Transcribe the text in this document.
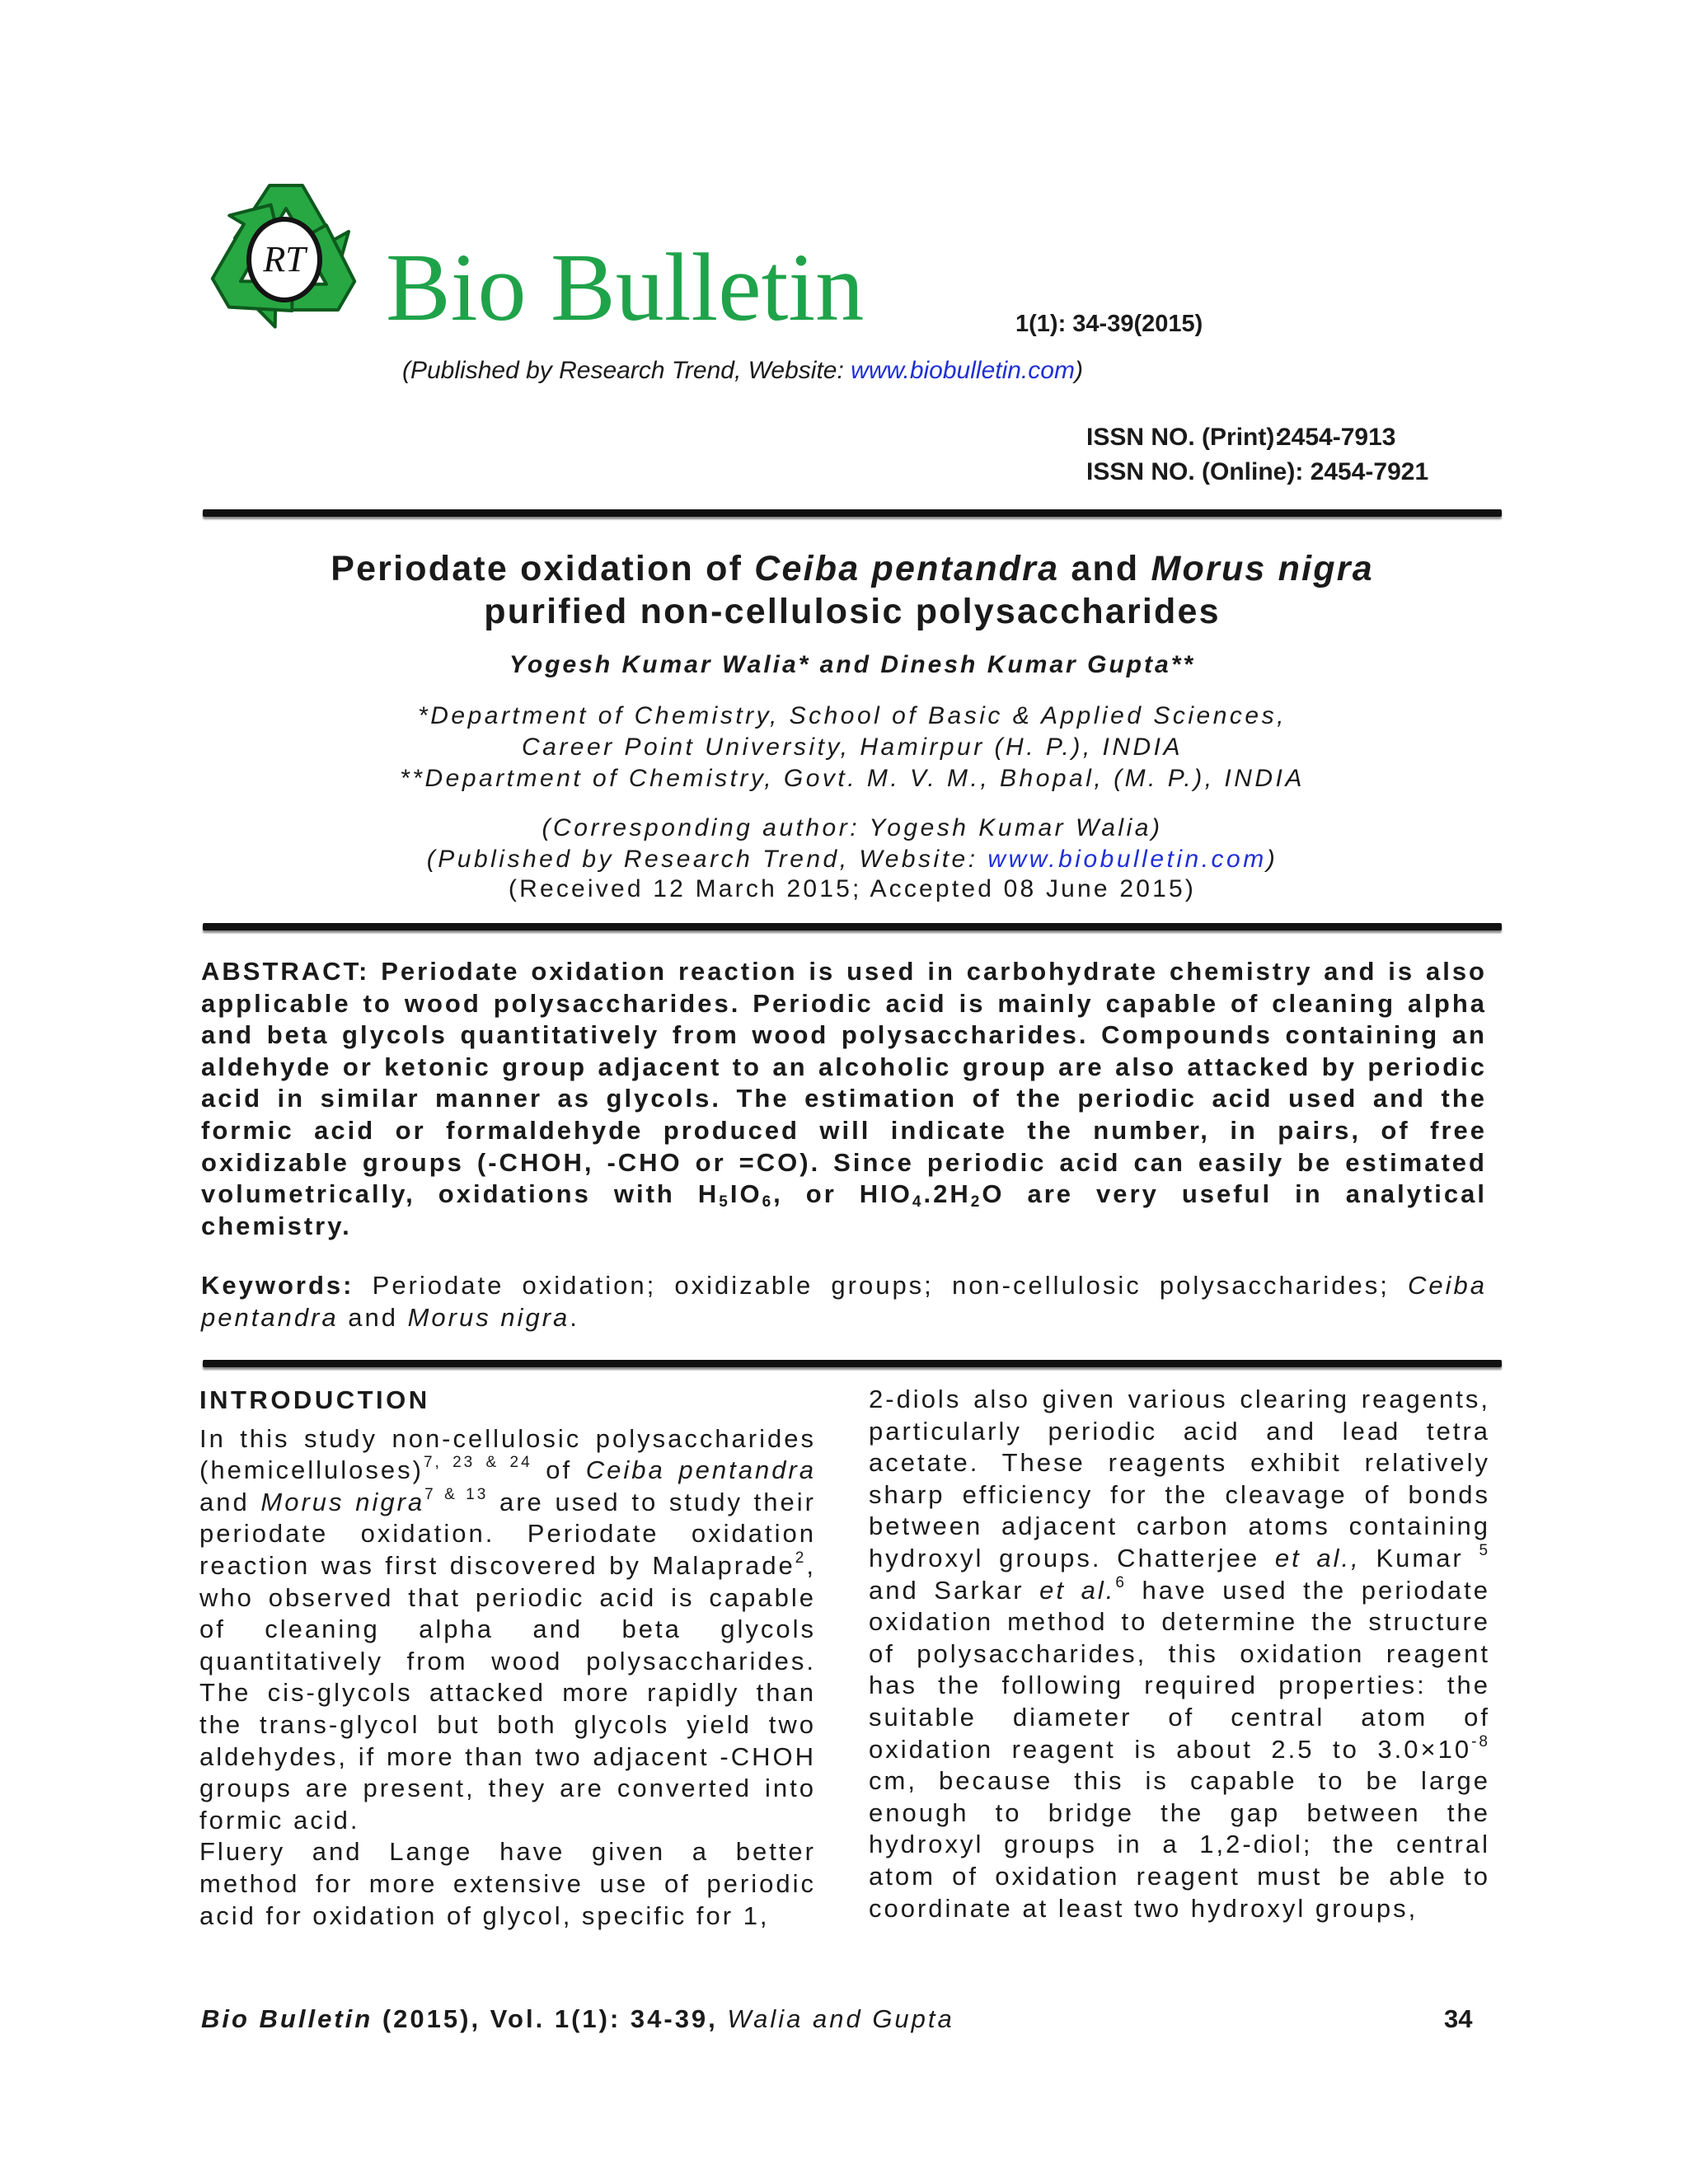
RT Bio Bulletin	1(1): 34-39(2015)
(Published by Research Trend, Website: www.biobulletin.com)
ISSN NO. (Print):2454-7913
ISSN NO. (Online): 2454-7921
Periodate oxidation of Ceiba pentandra and Morus nigra
purified non-cellulosic polysaccharides
Yogesh Kumar Walia* and Dinesh Kumar Gupta**
*Department of Chemistry, School of Basic & Applied Sciences,
Career Point University, Hamirpur (H. P.), INDIA
**Department of Chemistry, Govt. M. V. M., Bhopal, (M. P.), INDIA
(Corresponding author: Yogesh Kumar Walia)
(Published by Research Trend, Website: www.biobulletin.com)
(Received 12 March 2015; Accepted 08 June 2015)
ABSTRACT: Periodate oxidation reaction is used in carbohydrate chemistry and is also applicable to wood polysaccharides. Periodic acid is mainly capable of cleaning alpha and beta glycols quantitatively from wood polysaccharides. Compounds containing an aldehyde or ketonic group adjacent to an alcoholic group are also attacked by periodic acid in similar manner as glycols. The estimation of the periodic acid used and the formic acid or formaldehyde produced will indicate the number, in pairs, of free oxidizable groups (-CHOH, -CHO or =CO). Since periodic acid can easily be estimated volumetrically, oxidations with $H_5IO_6$, or $HIO_4.2H_2O$ are very useful in analytical chemistry.
Keywords: Periodate oxidation; oxidizable groups; non-cellulosic polysaccharides; Ceiba pentandra and Morus nigra.
INTRODUCTION

In this study non-cellulosic polysaccharides (hemicelluloses)$^{7, 23 \& 24}$ of Ceiba pentandra and Morus nigra$^{7 \& 13}$ are used to study their periodate oxidation. Periodate oxidation reaction was first discovered by Malaprade$^2$, who observed that periodic acid is capable of cleaning alpha and beta glycols quantitatively from wood polysaccharides. The cis-glycols attacked more rapidly than the trans-glycol but both glycols yield two aldehydes, if more than two adjacent -CHOH groups are present, they are converted into formic acid.

Fluery and Lange have given a better method for more extensive use of periodic acid for oxidation of glycol, specific for 1,

2-diols also given various clearing reagents, particularly periodic acid and lead tetra acetate. These reagents exhibit relatively sharp efficiency for the cleavage of bonds between adjacent carbon atoms containing hydroxyl groups. Chatterjee et al., Kumar $^5$ and Sarkar et al.$^6$ have used the periodate oxidation method to determine the structure of polysaccharides, this oxidation reagent has the following required properties: the suitable diameter of central atom of oxidation reagent is about 2.5 to $3.0\times 10^{-8}$ cm, because this is capable to be large enough to bridge the gap between the hydroxyl groups in a 1,2-diol; the central atom of oxidation reagent must be able to coordinate at least two hydroxyl groups,

Bio Bulletin (2015), Vol. 1(1): 34-39, Walia and Gupta	34
